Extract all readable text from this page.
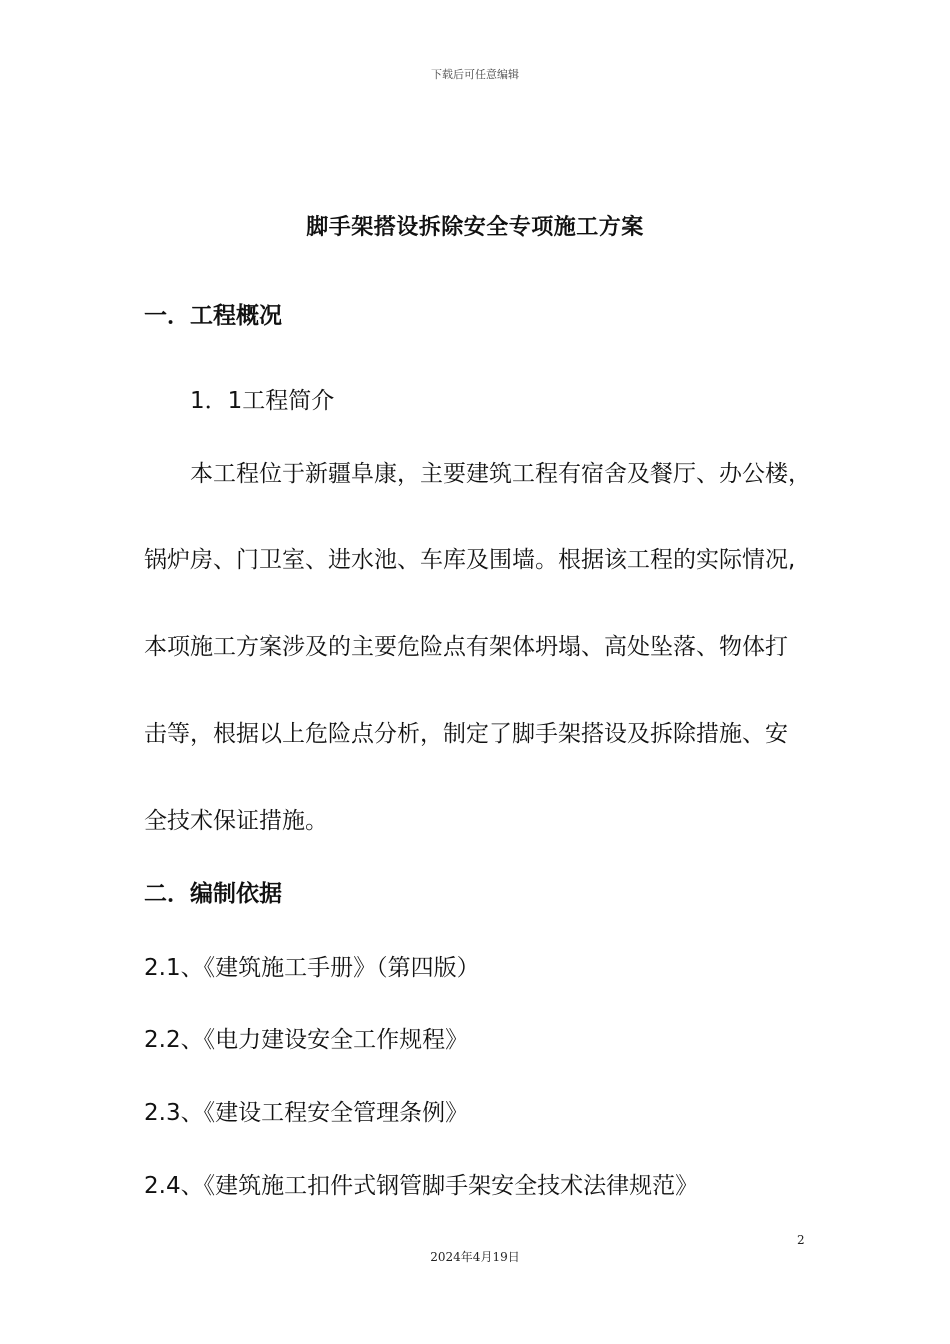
下载后可任意编辑
脚手架搭设拆除安全专项施工方案
一．工程概况
1．1工程简介
本工程位于新疆阜康，主要建筑工程有宿舍及餐厅、办公楼，
锅炉房、门卫室、进水池、车库及围墙。根据该工程的实际情况,
本项施工方案涉及的主要危险点有架体坍塌、高处坠落、物体打
击等，根据以上危险点分析，制定了脚手架搭设及拆除措施、安
全技术保证措施。
二．编制依据
2.1、《建筑施工手册》（第四版）
2.2、《电力建设安全工作规程》
2.3、《建设工程安全管理条例》
2.4、《建筑施工扣件式钢管脚手架安全技术法律规范》
2
2024年4月19日
